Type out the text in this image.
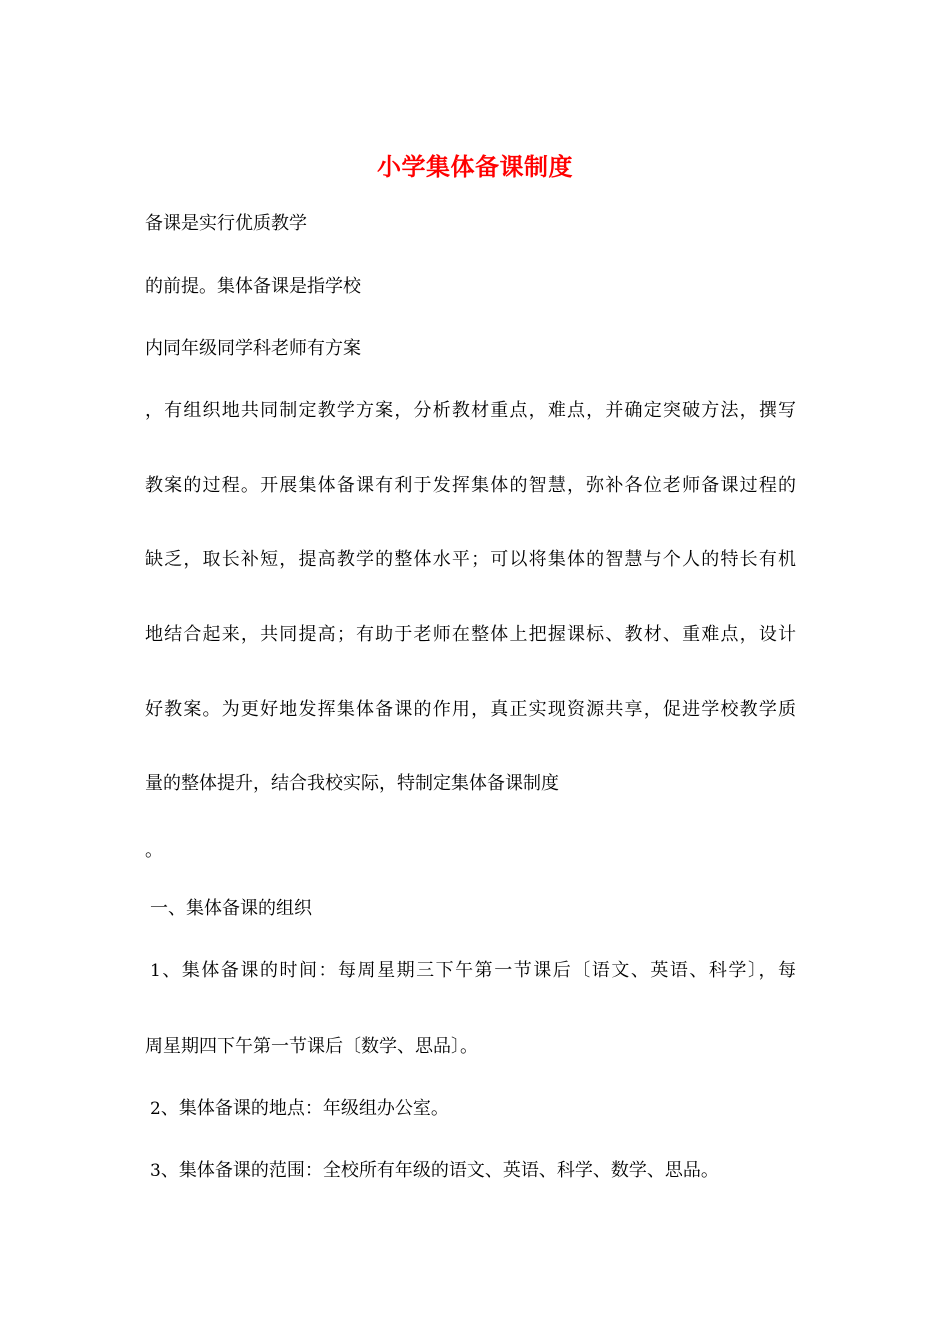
小学集体备课制度
备课是实行优质教学
的前提。集体备课是指学校
内同年级同学科老师有方案
，有组织地共同制定教学方案，分析教材重点，难点，并确定突破方法，撰写
教案的过程。开展集体备课有利于发挥集体的智慧，弥补各位老师备课过程的
缺乏，取长补短，提高教学的整体水平；可以将集体的智慧与个人的特长有机
地结合起来，共同提高；有助于老师在整体上把握课标、教材、重难点，设计
好教案。为更好地发挥集体备课的作用，真正实现资源共享，促进学校教学质
量的整体提升，结合我校实际，特制定集体备课制度
。
一、集体备课的组织
1、集体备课的时间：每周星期三下午第一节课后〔语文、英语、科学〕，每
周星期四下午第一节课后〔数学、思品〕。
2、集体备课的地点：年级组办公室。
3、集体备课的范围：全校所有年级的语文、英语、科学、数学、思品。
